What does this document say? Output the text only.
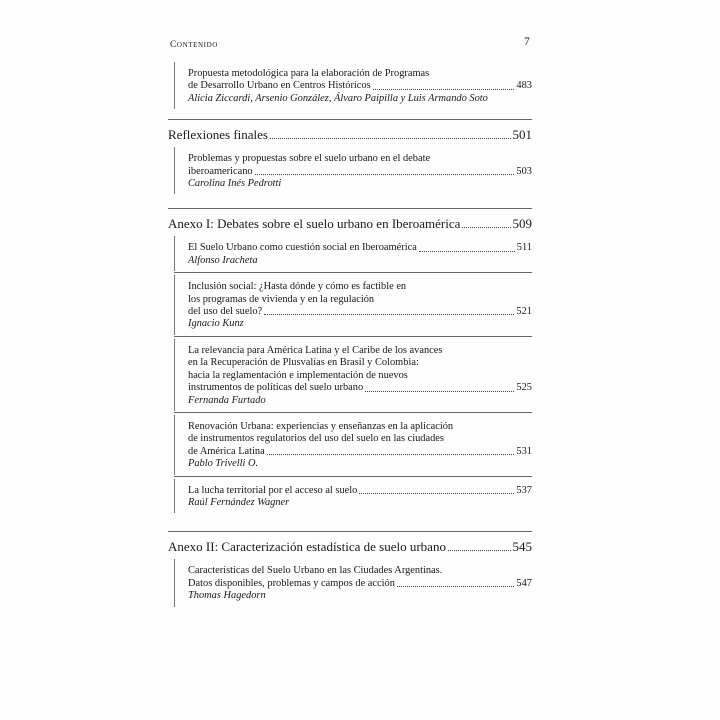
Contenido	7
Propuesta metodológica para la elaboración de Programas
de Desarrollo Urbano en Centros Históricos	483
Alicia Ziccardi, Arsenio González, Álvaro Paipilla y Luis Armando Soto
Reflexiones finales	501
Problemas y propuestas sobre el suelo urbano en el debate
iberoamericano	503
Carolina Inés Pedrotti
Anexo I: Debates sobre el suelo urbano en Iberoamérica	509
El Suelo Urbano como cuestión social en Iberoamérica	511
Alfonso Iracheta
Inclusión social: ¿Hasta dónde y cómo es factible en
los programas de vivienda y en la regulación
del uso del suelo?	521
Ignacio Kunz
La relevancia para América Latina y el Caribe de los avances
en la Recuperación de Plusvalías en Brasil y Colombia:
hacia la reglamentación e implementación de nuevos
instrumentos de políticas del suelo urbano	525
Fernanda Furtado
Renovación Urbana: experiencias y enseñanzas en la aplicación
de instrumentos regulatorios del uso del suelo en las ciudades
de América Latina	531
Pablo Trivelli O.
La lucha territorial por el acceso al suelo	537
Raúl Fernández Wagner
Anexo II: Caracterización estadística de suelo urbano	545
Características del Suelo Urbano en las Ciudades Argentinas.
Datos disponibles, problemas y campos de acción	547
Thomas Hagedorn
